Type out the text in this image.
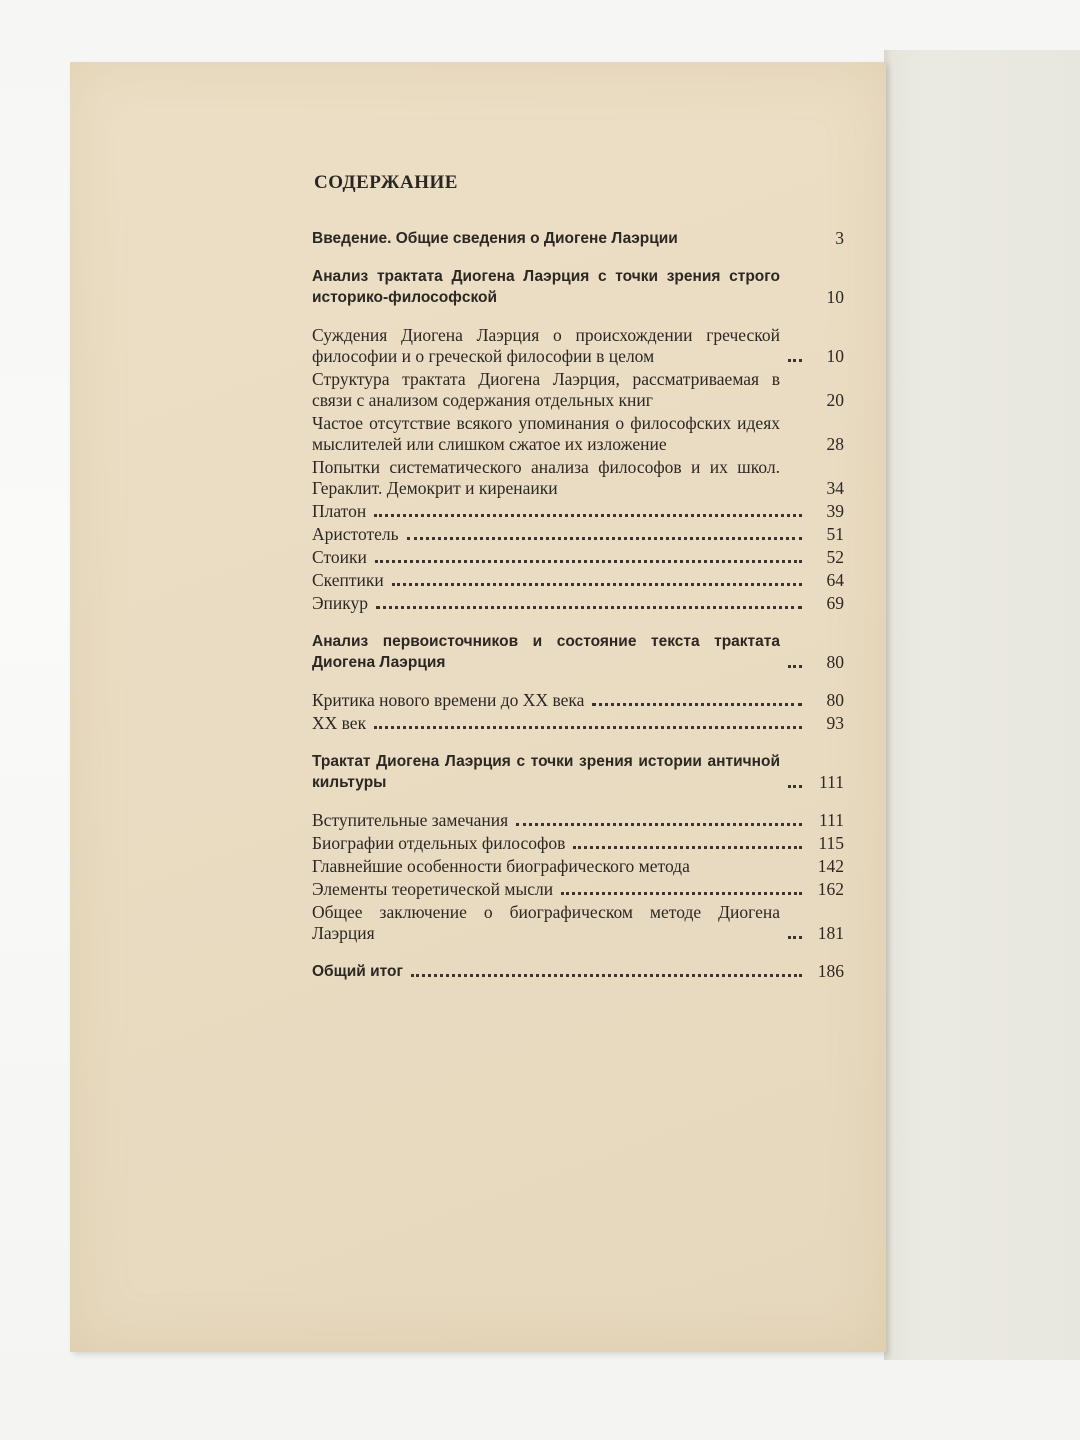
СОДЕРЖАНИЕ
Введение. Общие сведения о Диогене Лаэрции	3
Анализ трактата Диогена Лаэрция с точки зрения строго историко-философской	10
Суждения Диогена Лаэрция о происхождении греческой философии и о греческой философии в целом	10
Структура трактата Диогена Лаэрция, рассматриваемая в связи с анализом содержания отдельных книг	20
Частое отсутствие всякого упоминания о философских идеях мыслителей или слишком сжатое их изложение	28
Попытки систематического анализа философов и их школ. Гераклит. Демокрит и киренаики	34
Платон	39
Аристотель	51
Стоики	52
Скептики	64
Эпикур	69
Анализ первоисточников и состояние текста трактата Диогена Лаэрция	80
Критика нового времени до XX века	80
XX век	93
Трактат Диогена Лаэрция с точки зрения истории античной кильтуры	111
Вступительные замечания	111
Биографии отдельных философов	115
Главнейшие особенности биографического метода	142
Элементы теоретической мысли	162
Общее заключение о биографическом методе Диогена Лаэрция	181
Общий итог	186
